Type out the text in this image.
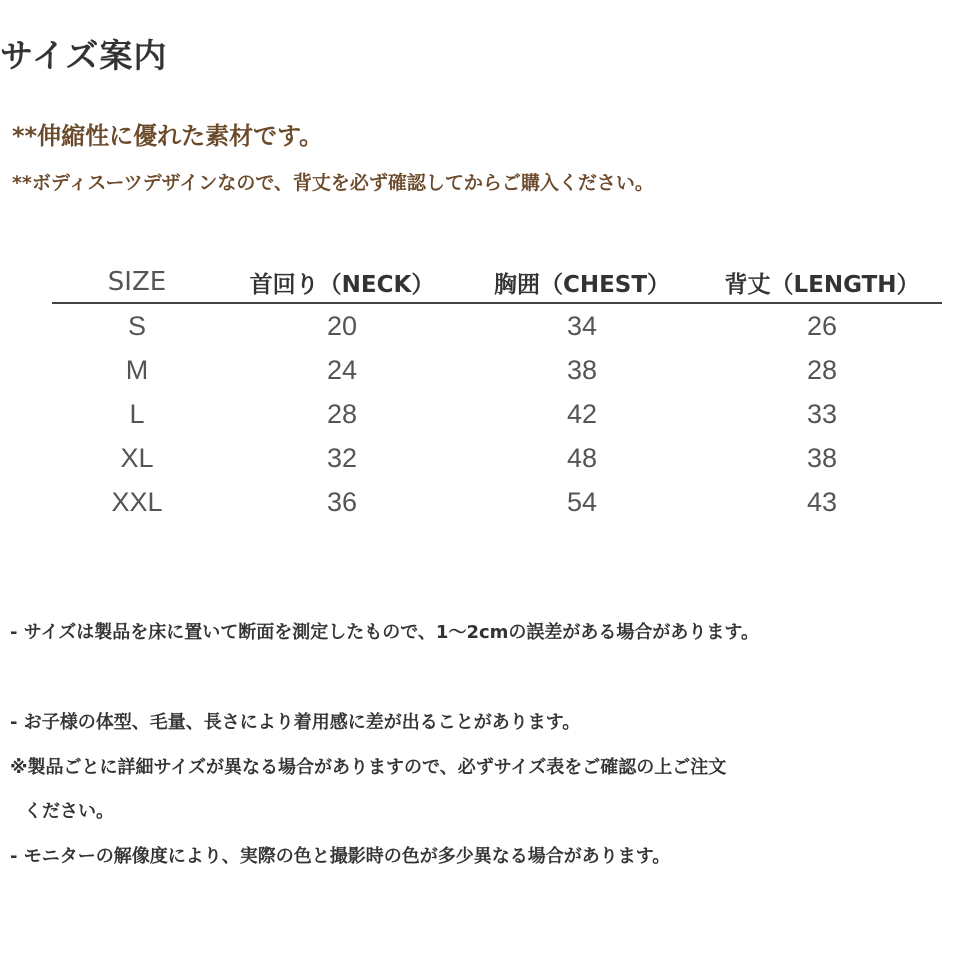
サイズ案内
**伸縮性に優れた素材です。
**ボディスーツデザインなので、背丈を必ず確認してからご購入ください。
SIZE	首回り（NECK）	胸囲（CHEST）	背丈（LENGTH）
S	20	34	26
M	24	38	28
L	28	42	33
XL	32	48	38
XXL	36	54	43
- サイズは製品を床に置いて断面を測定したもので、1～2cmの誤差がある場合があります。
- お子様の体型、毛量、長さにより着用感に差が出ることがあります。
※製品ごとに詳細サイズが異なる場合がありますので、必ずサイズ表をご確認の上ご注文
ください。
- モニターの解像度により、実際の色と撮影時の色が多少異なる場合があります。
